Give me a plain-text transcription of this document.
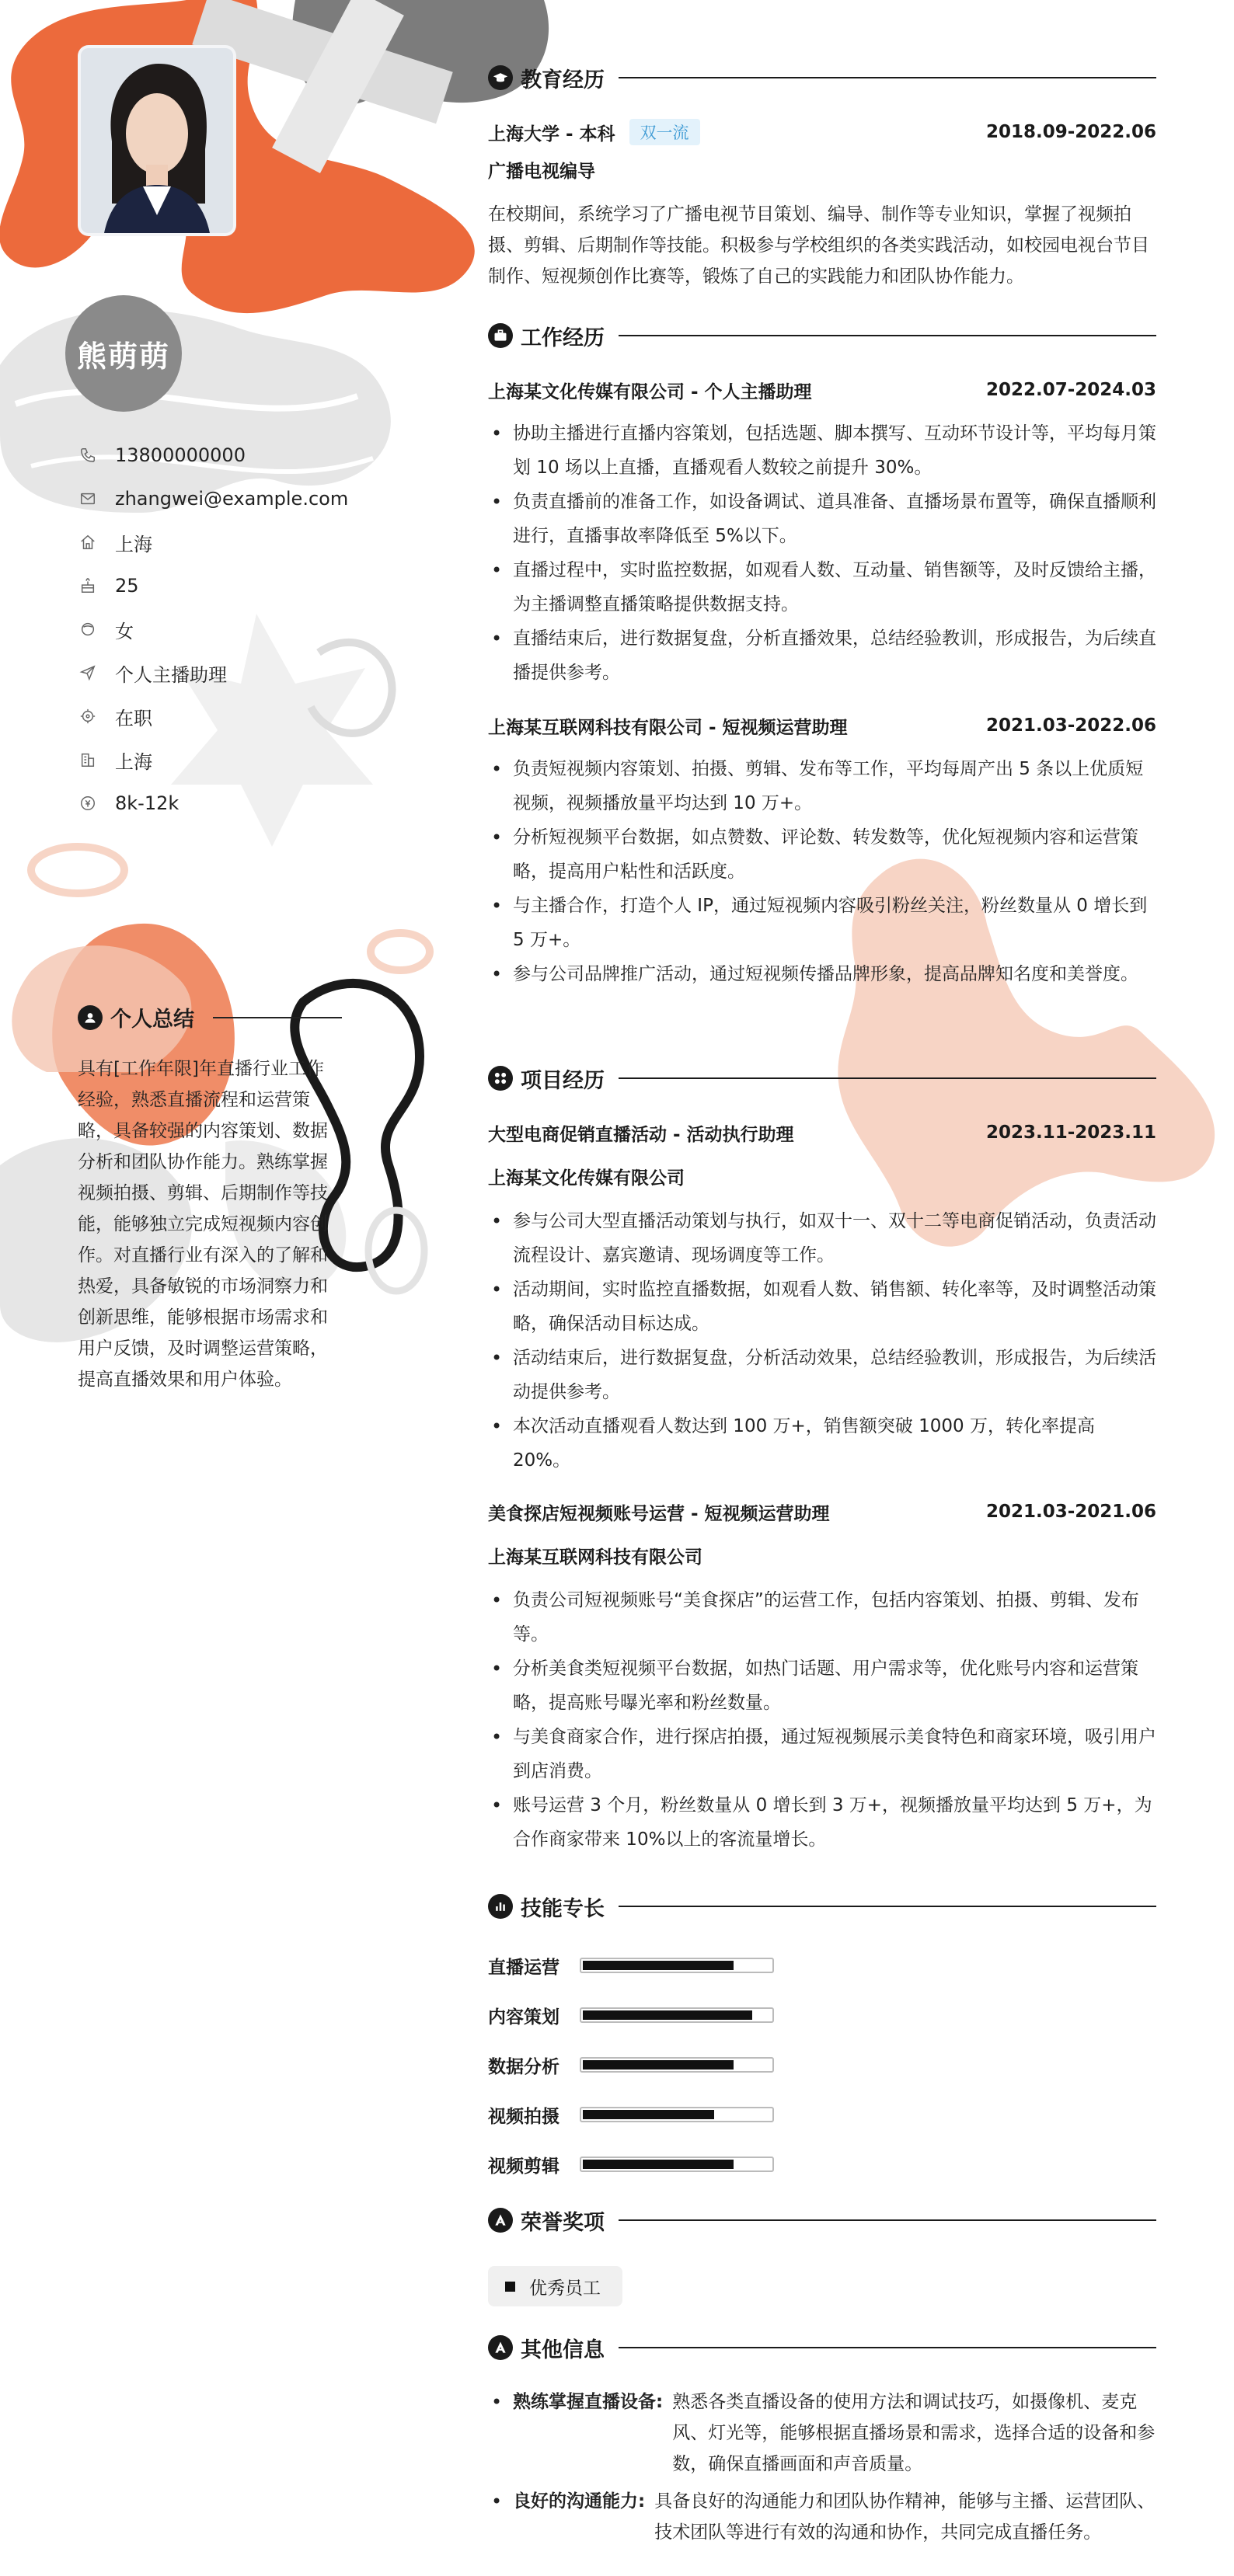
熊萌萌
13800000000
zhangwei@example.com
上海
25
女
个人主播助理
在职
上海
8k-12k
个人总结

具有[工作年限]年直播行业工作经验，熟悉直播流程和运营策略，具备较强的内容策划、数据分析和团队协作能力。熟练掌握视频拍摄、剪辑、后期制作等技能，能够独立完成短视频内容创作。对直播行业有深入的了解和热爱，具备敏锐的市场洞察力和创新思维，能够根据市场需求和用户反馈，及时调整运营策略，提高直播效果和用户体验。

教育经历
上海大学 - 本科	双一流	2018.09-2022.06
广播电视编导

在校期间，系统学习了广播电视节目策划、编导、制作等专业知识，掌握了视频拍摄、剪辑、后期制作等技能。积极参与学校组织的各类实践活动，如校园电视台节目制作、短视频创作比赛等，锻炼了自己的实践能力和团队协作能力。

工作经历
上海某文化传媒有限公司 - 个人主播助理	2022.07-2024.03
• 协助主播进行直播内容策划，包括选题、脚本撰写、互动环节设计等，平均每月策划 10 场以上直播，直播观看人数较之前提升 30%。
• 负责直播前的准备工作，如设备调试、道具准备、直播场景布置等，确保直播顺利进行，直播事故率降低至 5%以下。
• 直播过程中，实时监控数据，如观看人数、互动量、销售额等，及时反馈给主播，为主播调整直播策略提供数据支持。
• 直播结束后，进行数据复盘，分析直播效果，总结经验教训，形成报告，为后续直播提供参考。
上海某互联网科技有限公司 - 短视频运营助理	2021.03-2022.06
• 负责短视频内容策划、拍摄、剪辑、发布等工作，平均每周产出 5 条以上优质短视频，视频播放量平均达到 10 万+。
• 分析短视频平台数据，如点赞数、评论数、转发数等，优化短视频内容和运营策略，提高用户粘性和活跃度。
• 与主播合作，打造个人 IP，通过短视频内容吸引粉丝关注，粉丝数量从 0 增长到 5 万+。
• 参与公司品牌推广活动，通过短视频传播品牌形象，提高品牌知名度和美誉度。
项目经历
大型电商促销直播活动 - 活动执行助理	2023.11-2023.11
上海某文化传媒有限公司
• 参与公司大型直播活动策划与执行，如双十一、双十二等电商促销活动，负责活动流程设计、嘉宾邀请、现场调度等工作。
• 活动期间，实时监控直播数据，如观看人数、销售额、转化率等，及时调整活动策略，确保活动目标达成。
• 活动结束后，进行数据复盘，分析活动效果，总结经验教训，形成报告，为后续活动提供参考。
• 本次活动直播观看人数达到 100 万+，销售额突破 1000 万，转化率提高 20%。
美食探店短视频账号运营 - 短视频运营助理	2021.03-2021.06
上海某互联网科技有限公司
• 负责公司短视频账号“美食探店”的运营工作，包括内容策划、拍摄、剪辑、发布等。
• 分析美食类短视频平台数据，如热门话题、用户需求等，优化账号内容和运营策略，提高账号曝光率和粉丝数量。
• 与美食商家合作，进行探店拍摄，通过短视频展示美食特色和商家环境，吸引用户到店消费。
• 账号运营 3 个月，粉丝数量从 0 增长到 3 万+，视频播放量平均达到 5 万+，为合作商家带来 10%以上的客流量增长。
技能专长
直播运营
内容策划
数据分析
视频拍摄
视频剪辑
荣誉奖项
优秀员工
其他信息
• 熟练掌握直播设备: 熟悉各类直播设备的使用方法和调试技巧，如摄像机、麦克风、灯光等，能够根据直播场景和需求，选择合适的设备和参数，确保直播画面和声音质量。
• 良好的沟通能力: 具备良好的沟通能力和团队协作精神，能够与主播、运营团队、技术团队等进行有效的沟通和协作，共同完成直播任务。
